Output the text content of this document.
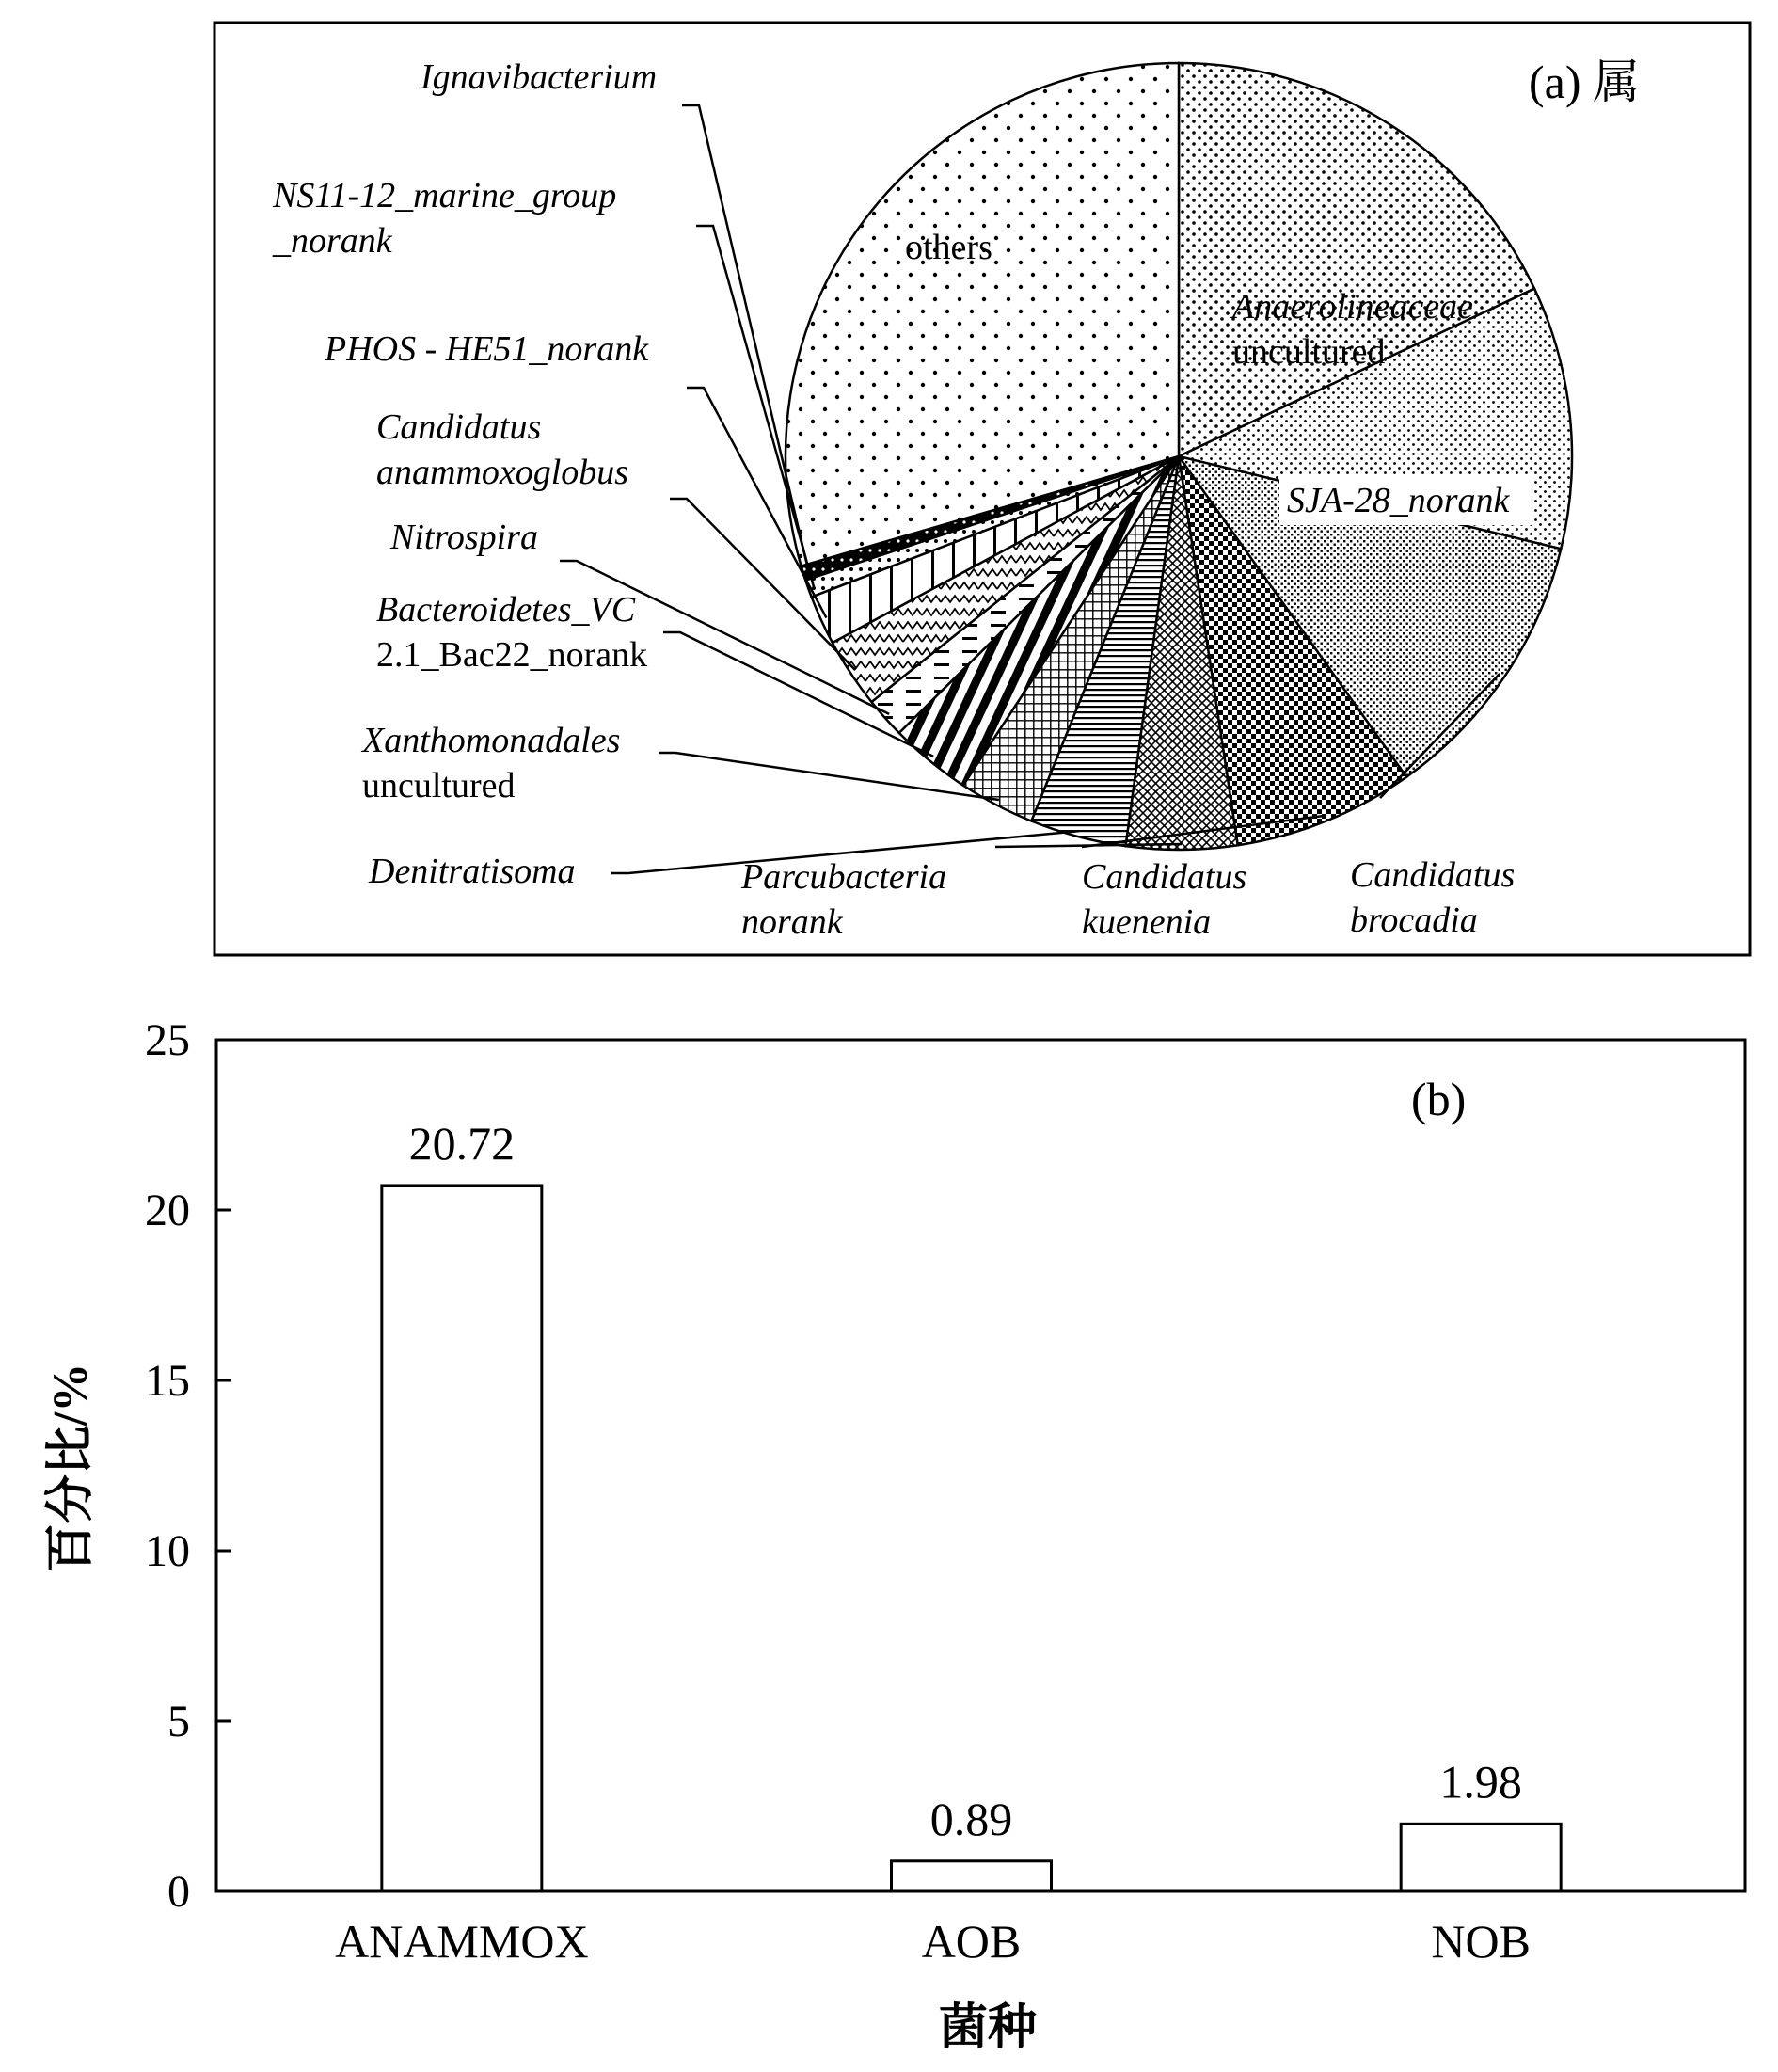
(a) 属
Anaerolineaceae
uncultured
SJA-28_norank
Candidatus
brocadia
Candidatus
kuenenia
Parcubacteria
norank
Denitratisoma
Xanthomonadales
uncultured
Bacteroidetes_VC
2.1_Bac22_norank
Nitrospira
Candidatus
anammoxoglobus
PHOS - HE51_norank
NS11-12_marine_group
_norank
Ignavibacterium
others
(b)
0
5
10
15
20
25
20.72
ANAMMOX
0.89
AOB
1.98
NOB
百分比/%
菌种
